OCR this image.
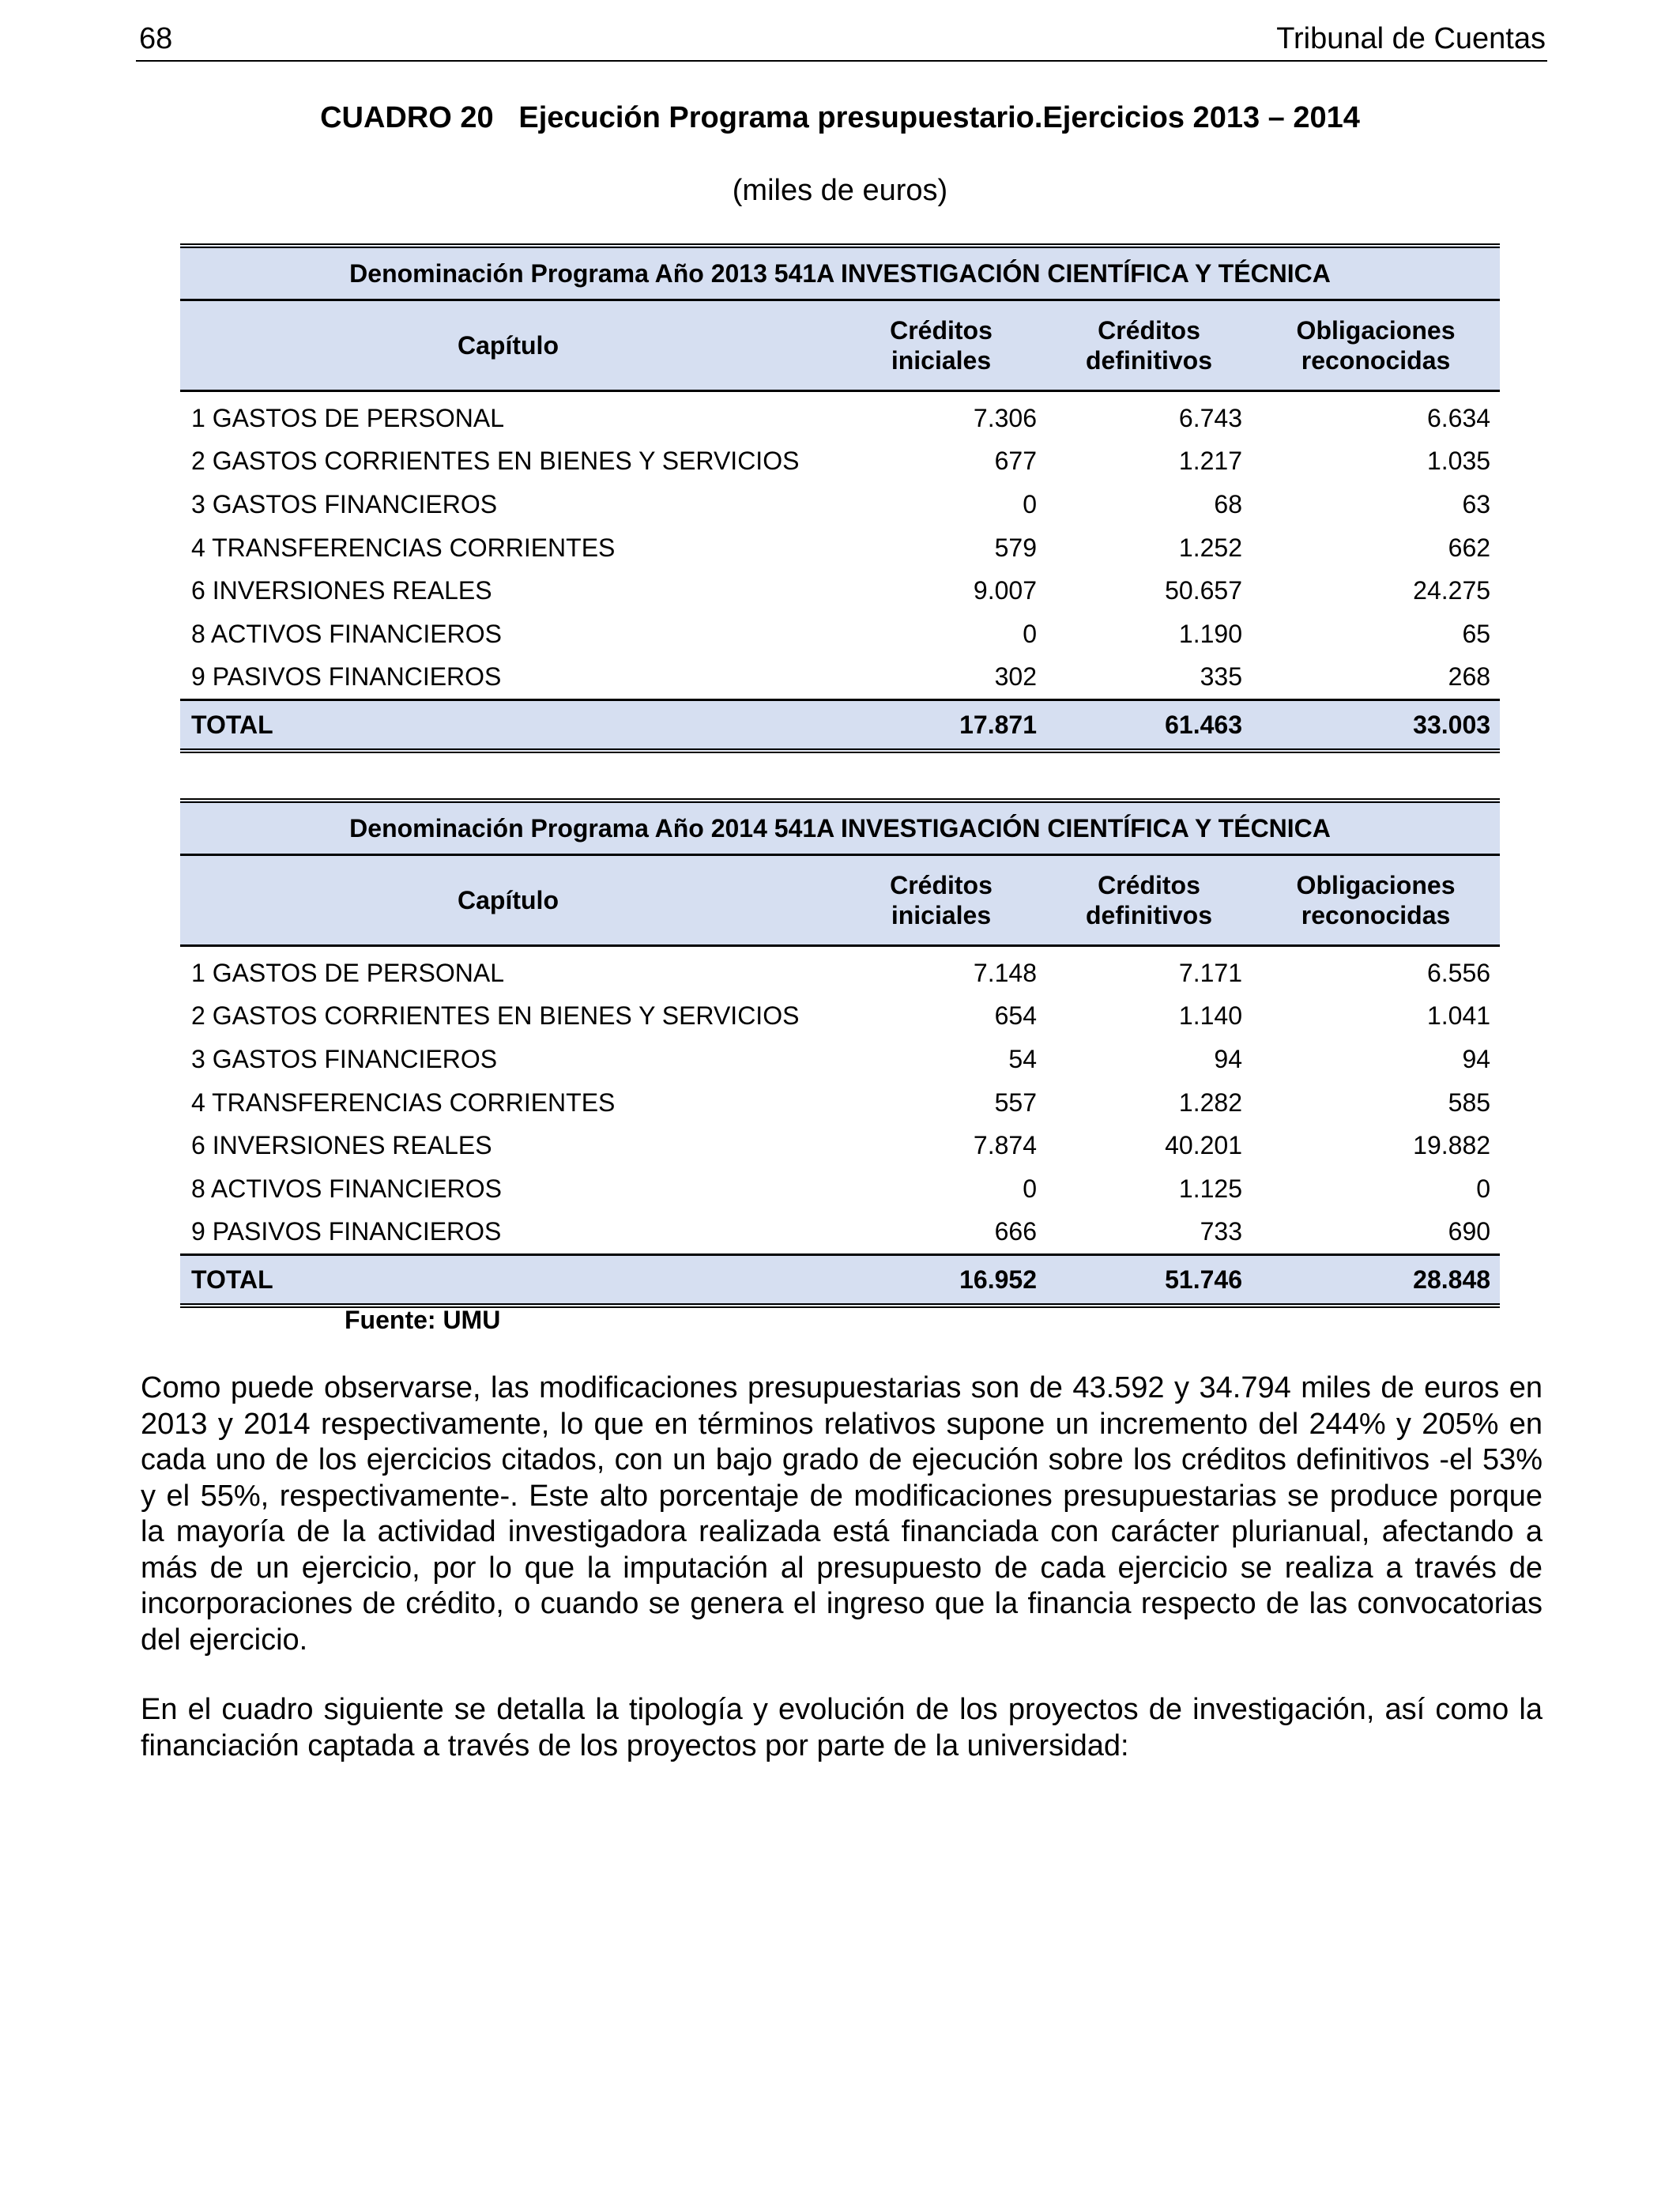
68	Tribunal de Cuentas
CUADRO 20   Ejecución Programa presupuestario.Ejercicios 2013 – 2014
(miles de euros)
Denominación Programa Año 2013 541A INVESTIGACIÓN CIENTÍFICA Y TÉCNICA			
Capítulo	Créditos iniciales	Créditos definitivos	Obligaciones reconocidas
1 GASTOS DE PERSONAL	7.306	6.743	6.634
2 GASTOS CORRIENTES EN BIENES Y SERVICIOS	677	1.217	1.035
3 GASTOS FINANCIEROS	0	68	63
4 TRANSFERENCIAS CORRIENTES	579	1.252	662
6 INVERSIONES REALES	9.007	50.657	24.275
8 ACTIVOS FINANCIEROS	0	1.190	65
9 PASIVOS FINANCIEROS	302	335	268
TOTAL	17.871	61.463	33.003
Denominación Programa Año 2014 541A INVESTIGACIÓN CIENTÍFICA Y TÉCNICA			
Capítulo	Créditos iniciales	Créditos definitivos	Obligaciones reconocidas
1 GASTOS DE PERSONAL	7.148	7.171	6.556
2 GASTOS CORRIENTES EN BIENES Y SERVICIOS	654	1.140	1.041
3 GASTOS FINANCIEROS	54	94	94
4 TRANSFERENCIAS CORRIENTES	557	1.282	585
6 INVERSIONES REALES	7.874	40.201	19.882
8 ACTIVOS FINANCIEROS	0	1.125	0
9 PASIVOS FINANCIEROS	666	733	690
TOTAL	16.952	51.746	28.848
Fuente: UMU

Como puede observarse, las modificaciones presupuestarias son de 43.592 y 34.794 miles de euros en 2013 y 2014 respectivamente, lo que en términos relativos supone un incremento del 244% y 205% en cada uno de los ejercicios citados, con un bajo grado de ejecución sobre los créditos definitivos -el 53% y el 55%, respectivamente-. Este alto porcentaje de modificaciones presupuestarias se produce porque la mayoría de la actividad investigadora realizada está financiada con carácter plurianual, afectando a más de un ejercicio, por lo que la imputación al presupuesto de cada ejercicio se realiza a través de incorporaciones de crédito, o cuando se genera el ingreso que la financia respecto de las convocatorias del ejercicio.

En el cuadro siguiente se detalla la tipología y evolución de los proyectos de investigación, así como la financiación captada a través de los proyectos por parte de la universidad:
